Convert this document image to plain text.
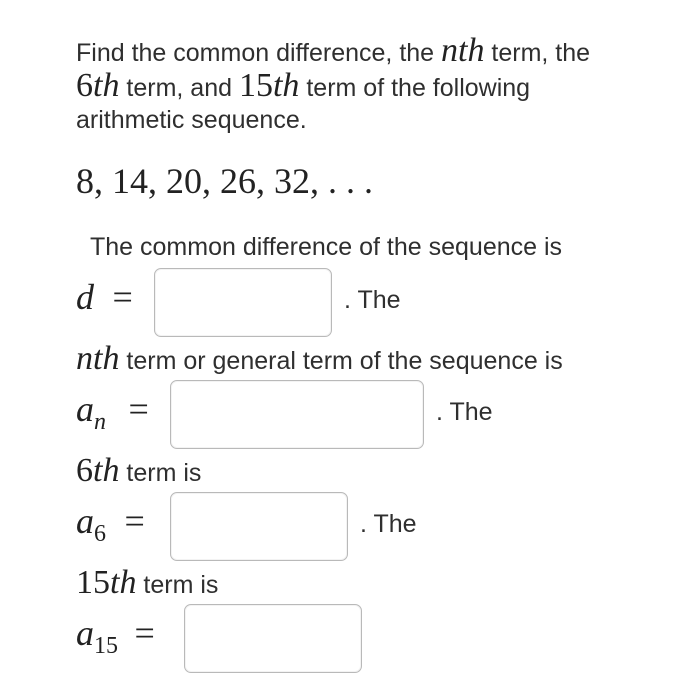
Find the common difference, the nth term, the
6th term, and 15th term of the following
arithmetic sequence.
8, 14, 20, 26, 32, . . .
The common difference of the sequence is
d =	. The
nth term or general term of the sequence is
an =	. The
6th term is
a6 =	. The
15th term is
a15 =
